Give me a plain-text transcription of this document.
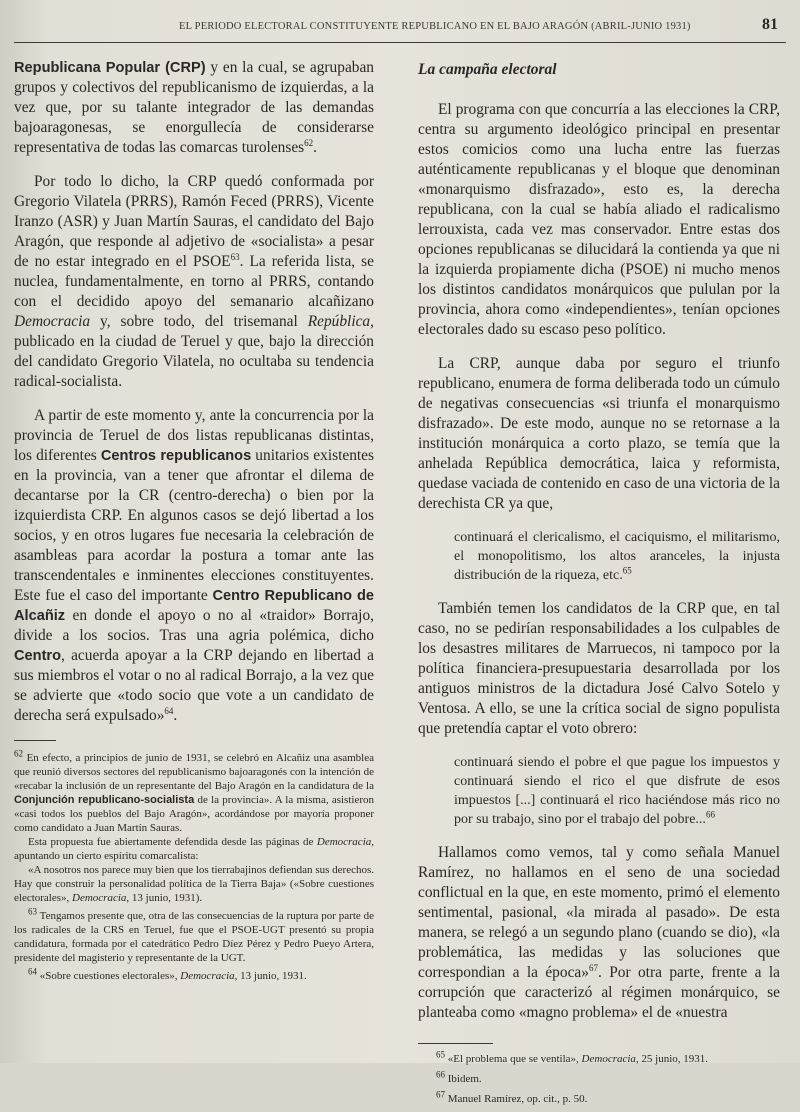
EL PERIODO ELECTORAL CONSTITUYENTE REPUBLICANO EN EL BAJO ARAGÓN (ABRIL-JUNIO 1931)	81

Republicana Popular (CRP) y en la cual, se agrupaban grupos y colectivos del republicanismo de izquierdas, a la vez que, por su talante integrador de las demandas bajoaragonesas, se enorgullecía de considerarse representativa de todas las comarcas turolenses$^{62}$.

Por todo lo dicho, la CRP quedó conformada por Gregorio Vilatela (PRRS), Ramón Feced (PRRS), Vicente Iranzo (ASR) y Juan Martín Sauras, el candidato del Bajo Aragón, que responde al adjetivo de «socialista» a pesar de no estar integrado en el PSOE$^{63}$. La referida lista, se nuclea, fundamentalmente, en torno al PRRS, contando con el decidido apoyo del semanario alcañizano Democracia y, sobre todo, del trisemanal República, publicado en la ciudad de Teruel y que, bajo la dirección del candidato Gregorio Vilatela, no ocultaba su tendencia radical-socialista.

A partir de este momento y, ante la concurrencia por la provincia de Teruel de dos listas republicanas distintas, los diferentes Centros republicanos unitarios existentes en la provincia, van a tener que afrontar el dilema de decantarse por la CR (centro-derecha) o bien por la izquierdista CRP. En algunos casos se dejó libertad a los socios, y en otros lugares fue necesaria la celebración de asambleas para acordar la postura a tomar ante las transcendentales e inminentes elecciones constituyentes. Este fue el caso del importante Centro Republicano de Alcañiz en donde el apoyo o no al «traidor» Borrajo, divide a los socios. Tras una agria polémica, dicho Centro, acuerda apoyar a la CRP dejando en libertad a sus miembros el votar o no al radical Borrajo, a la vez que se advierte que «todo socio que vote a un candidato de derecha será expulsado»$^{64}$.

$^{62}$ En efecto, a principios de junio de 1931, se celebró en Alcañiz una asamblea que reunió diversos sectores del republicanismo bajoaragonés con la intención de «recabar la inclusión de un representante del Bajo Aragón en la candidatura de la Conjunción republicano-socialista de la provincia». A la misma, asistieron «casi todos los pueblos del Bajo Aragón», acordándose por mayoría proponer como candidato a Juan Martín Sauras.
Esta propuesta fue abiertamente defendida desde las páginas de Democracia, apuntando un cierto espíritu comarcalista:
«A nosotros nos parece muy bien que los tierrabajinos defiendan sus derechos. Hay que construir la personalidad política de la Tierra Baja» («Sobre cuestiones electorales», Democracia, 13 junio, 1931).
$^{63}$ Tengamos presente que, otra de las consecuencias de la ruptura por parte de los radicales de la CRS en Teruel, fue que el PSOE-UGT presentó su propia candidatura, formada por el catedrático Pedro Díez Pérez y Pedro Pueyo Artera, presidente del magisterio y representante de la UGT.
$^{64}$ «Sobre cuestiones electorales», Democracia, 13 junio, 1931.
La campaña electoral

El programa con que concurría a las elecciones la CRP, centra su argumento ideológico principal en presentar estos comicios como una lucha entre las fuerzas auténticamente republicanas y el bloque que denominan «monarquismo disfrazado», esto es, la derecha republicana, con la cual se había aliado el radicalismo lerrouxista, cada vez mas conservador. Entre estas dos opciones republicanas se dilucidará la contienda ya que ni la izquierda propiamente dicha (PSOE) ni mucho menos los distintos candidatos monárquicos que pululan por la provincia, ahora como «independientes», tenían opciones electorales dado su escaso peso político.

La CRP, aunque daba por seguro el triunfo republicano, enumera de forma deliberada todo un cúmulo de negativas consecuencias «si triunfa el monarquismo disfrazado». De este modo, aunque no se retornase a la institución monárquica a corto plazo, se temía que la anhelada República democrática, laica y reformista, quedase vaciada de contenido en caso de una victoria de la derechista CR ya que,

continuará el clericalismo, el caciquismo, el militarismo, el monopolitismo, los altos aranceles, la injusta distribución de la riqueza, etc.$^{65}$

También temen los candidatos de la CRP que, en tal caso, no se pedirían responsabilidades a los culpables de los desastres militares de Marruecos, ni tampoco por la política financiera-presupuestaria desarrollada por los antiguos ministros de la dictadura José Calvo Sotelo y Ventosa. A ello, se une la crítica social de signo populista que pretendía captar el voto obrero:

continuará siendo el pobre el que pague los impuestos y continuará siendo el rico el que disfrute de esos impuestos [...] continuará el rico haciéndose más rico no por su trabajo, sino por el trabajo del pobre...$^{66}$

Hallamos como vemos, tal y como señala Manuel Ramírez, no hallamos en el seno de una sociedad conflictual en la que, en este momento, primó el elemento sentimental, pasional, «la mirada al pasado». De esta manera, se relegó a un segundo plano (cuando se dio), «la problemática, las medidas y las soluciones que correspondian a la época»$^{67}$. Por otra parte, frente a la corrupción que caracterizó al régimen monárquico, se planteaba como «magno problema» el de «nuestra

$^{65}$ «El problema que se ventila», Democracia, 25 junio, 1931.
$^{66}$ Ibidem.
$^{67}$ Manuel Ramírez, op. cit., p. 50.
